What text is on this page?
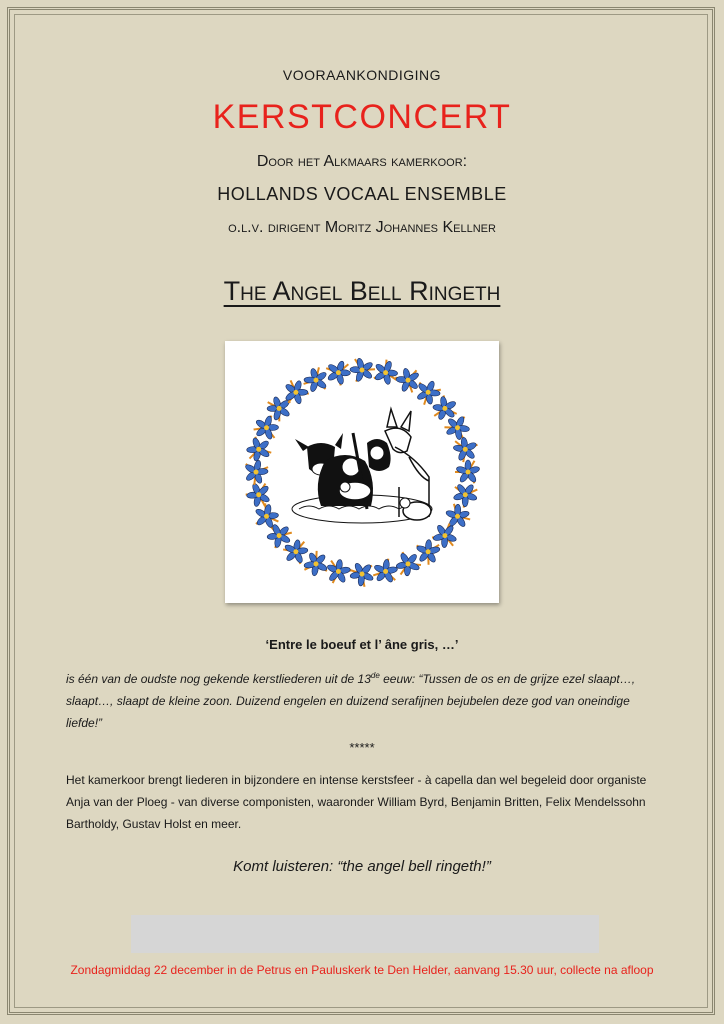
VOORAANKONDIGING
KERSTCONCERT
Door het Alkmaars kamerkoor:
HOLLANDS VOCAAL ENSEMBLE
o.l.v. dirigent Moritz Johannes Kellner
The Angel Bell Ringeth
‘Entre le boeuf et l’ âne gris, …’
is één van de oudste nog gekende kerstliederen uit de 13de eeuw: “Tussen de os en de grijze ezel slaapt…, slaapt…, slaapt de kleine zoon. Duizend engelen en duizend serafijnen bejubelen deze god van oneindige liefde!”
*****
Het kamerkoor brengt liederen in bijzondere en intense kerstsfeer - à capella dan wel begeleid door organiste Anja van der Ploeg - van diverse componisten, waaronder William Byrd, Benjamin Britten, Felix Mendelssohn Bartholdy, Gustav Holst en meer.
Komt luisteren: “the angel bell ringeth!”
Zondagmiddag 22 december in de Petrus en Pauluskerk te Den Helder, aanvang 15.30 uur, collecte na afloop
